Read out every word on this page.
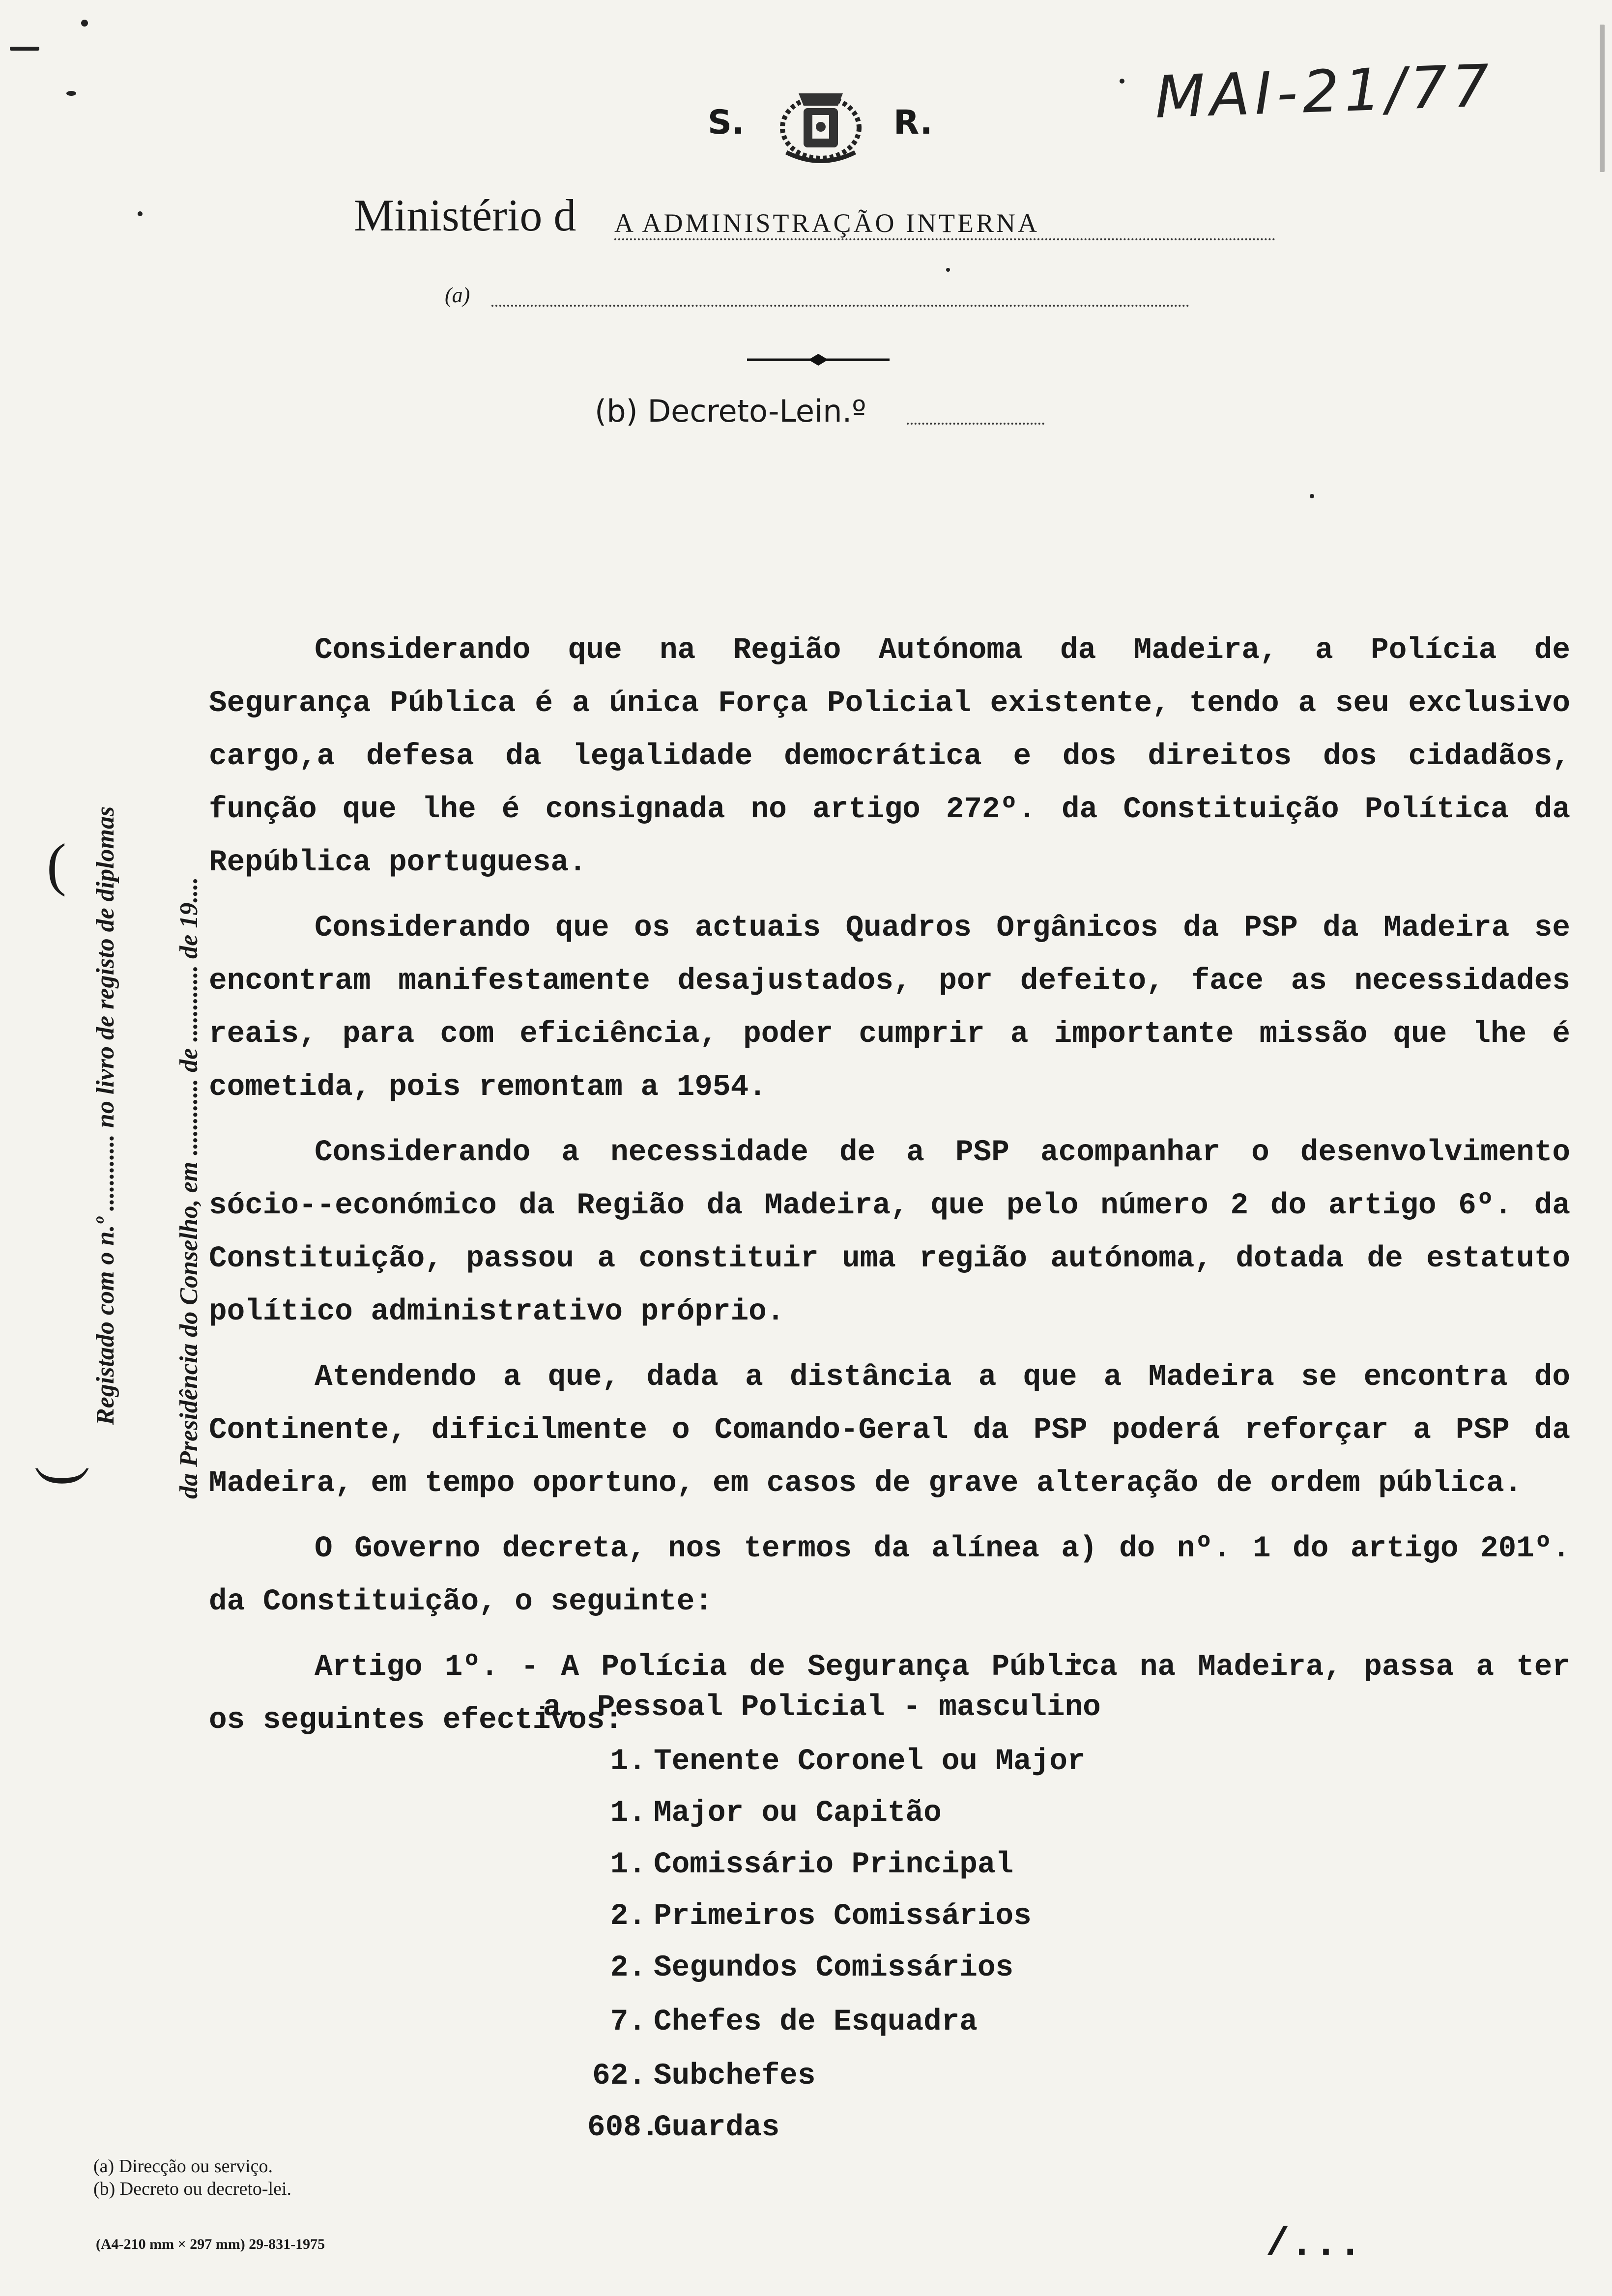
MAI-21/77
S.	R.
Ministério d A ADMINISTRAÇÃO INTERNA
(a)
(b) Decreto-Lein.º
Registado com o n.º ............ no livro de registo de diplomas da Presidência do Conselho, em ............ de ............ de 19....
(
(

Considerando que na Região Autónoma da Madeira, a Polícia de Segurança Pública é a única Força Policial existente, tendo a seu exclusivo cargo,a defesa da legalidade democrática e dos direitos dos cidadãos, função que lhe é consignada no artigo 272º. da Constituição Política da República portuguesa.

Considerando que os actuais Quadros Orgânicos da PSP da Madeira se encontram manifestamente desajustados, por defeito, face as necessidades reais, para com eficiência, poder cumprir a importante missão que lhe é cometida, pois remontam a 1954.

Considerando a necessidade de a PSP acompanhar o desenvolvimento sócio--económico da Região da Madeira, que pelo número 2 do artigo 6º. da Constituição, passou a constituir uma região autónoma, dotada de estatuto político administrativo próprio.

Atendendo a que, dada a distância a que a Madeira se encontra do Continente, dificilmente o Comando-Geral da PSP poderá reforçar a PSP da Madeira, em tempo oportuno, em casos de grave alteração de ordem pública.

O Governo decreta, nos termos da alínea a) do nº. 1 do artigo 201º. da Constituição, o seguinte:

Artigo 1º. - A Polícia de Segurança Pública na Madeira, passa a ter os seguintes efectivos:

a. Pessoal Policial - masculino
1. Tenente Coronel ou Major
1. Major ou Capitão
1. Comissário Principal
2. Primeiros Comissários
2. Segundos Comissários
7. Chefes de Esquadra
62. Subchefes
608.
Guardas
(a) Direcção ou serviço.
(b) Decreto ou decreto-lei.
(A4-210 mm × 297 mm) 29-831-1975	/...
